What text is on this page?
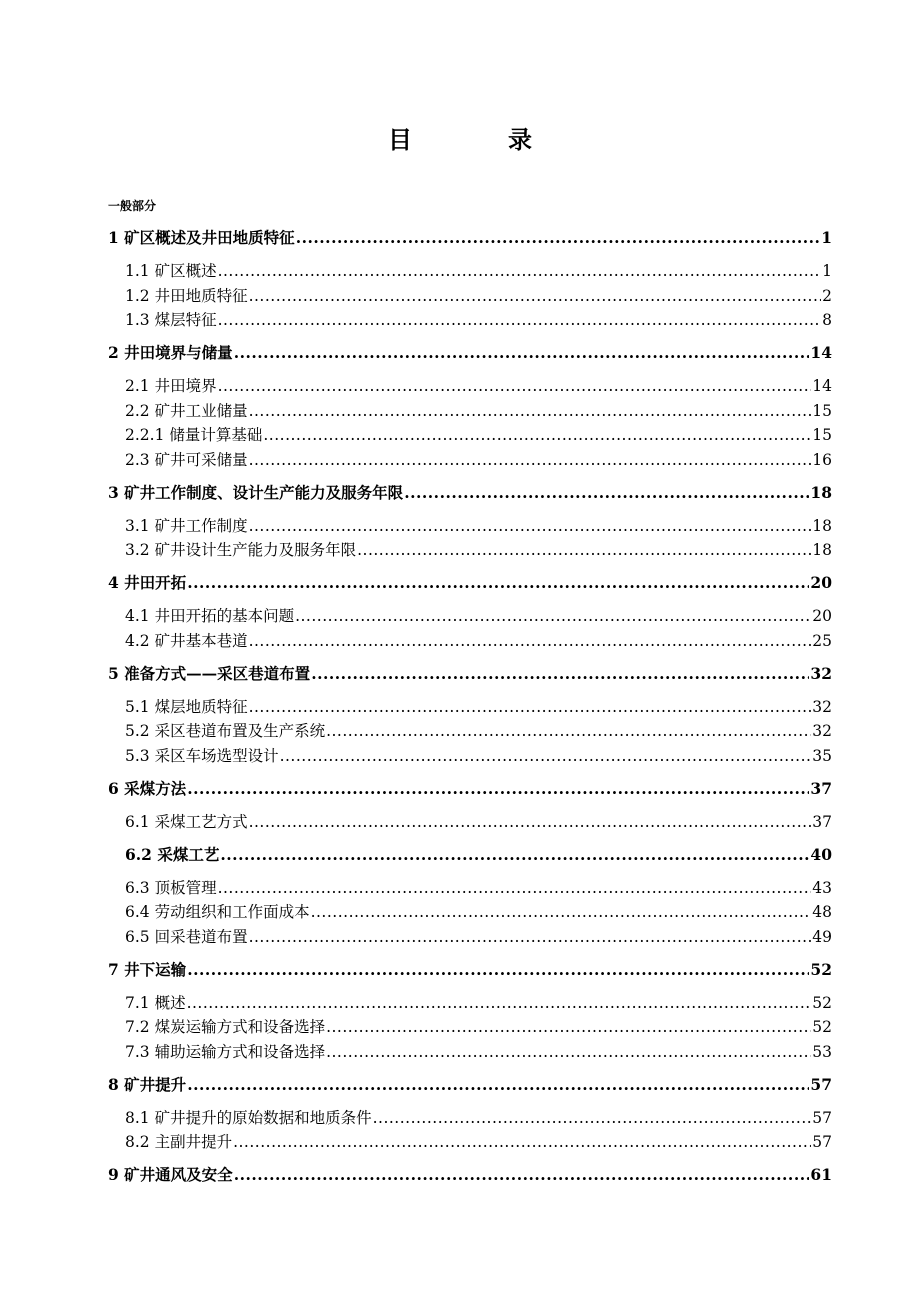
目　录
一般部分
1 矿区概述及井田地质特征 .....	1
1.1 矿区概述 .....	1
1.2 井田地质特征 .....	2
1.3 煤层特征 .....	8
2 井田境界与储量 .....	14
2.1 井田境界 .....	14
2.2 矿井工业储量 .....	15
2.2.1 储量计算基础 .....	15
2.3 矿井可采储量 .....	16
3 矿井工作制度、设计生产能力及服务年限 .....	18
3.1 矿井工作制度 .....	18
3.2 矿井设计生产能力及服务年限 .....	18
4 井田开拓 .....	20
4.1 井田开拓的基本问题 .....	20
4.2 矿井基本巷道 .....	25
5 准备方式——采区巷道布置 .....	32
5.1 煤层地质特征 .....	32
5.2 采区巷道布置及生产系统 .....	32
5.3 采区车场选型设计 .....	35
6 采煤方法 .....	37
6.1 采煤工艺方式 .....	37
6.2 采煤工艺 .....	40
6.3 顶板管理 .....	43
6.4 劳动组织和工作面成本 .....	48
6.5 回采巷道布置 .....	49
7 井下运输 .....	52
7.1 概述 .....	52
7.2 煤炭运输方式和设备选择 .....	52
7.3 辅助运输方式和设备选择 .....	53
8 矿井提升 .....	57
8.1 矿井提升的原始数据和地质条件 .....	57
8.2 主副井提升 .....	57
9 矿井通风及安全 .....	61
